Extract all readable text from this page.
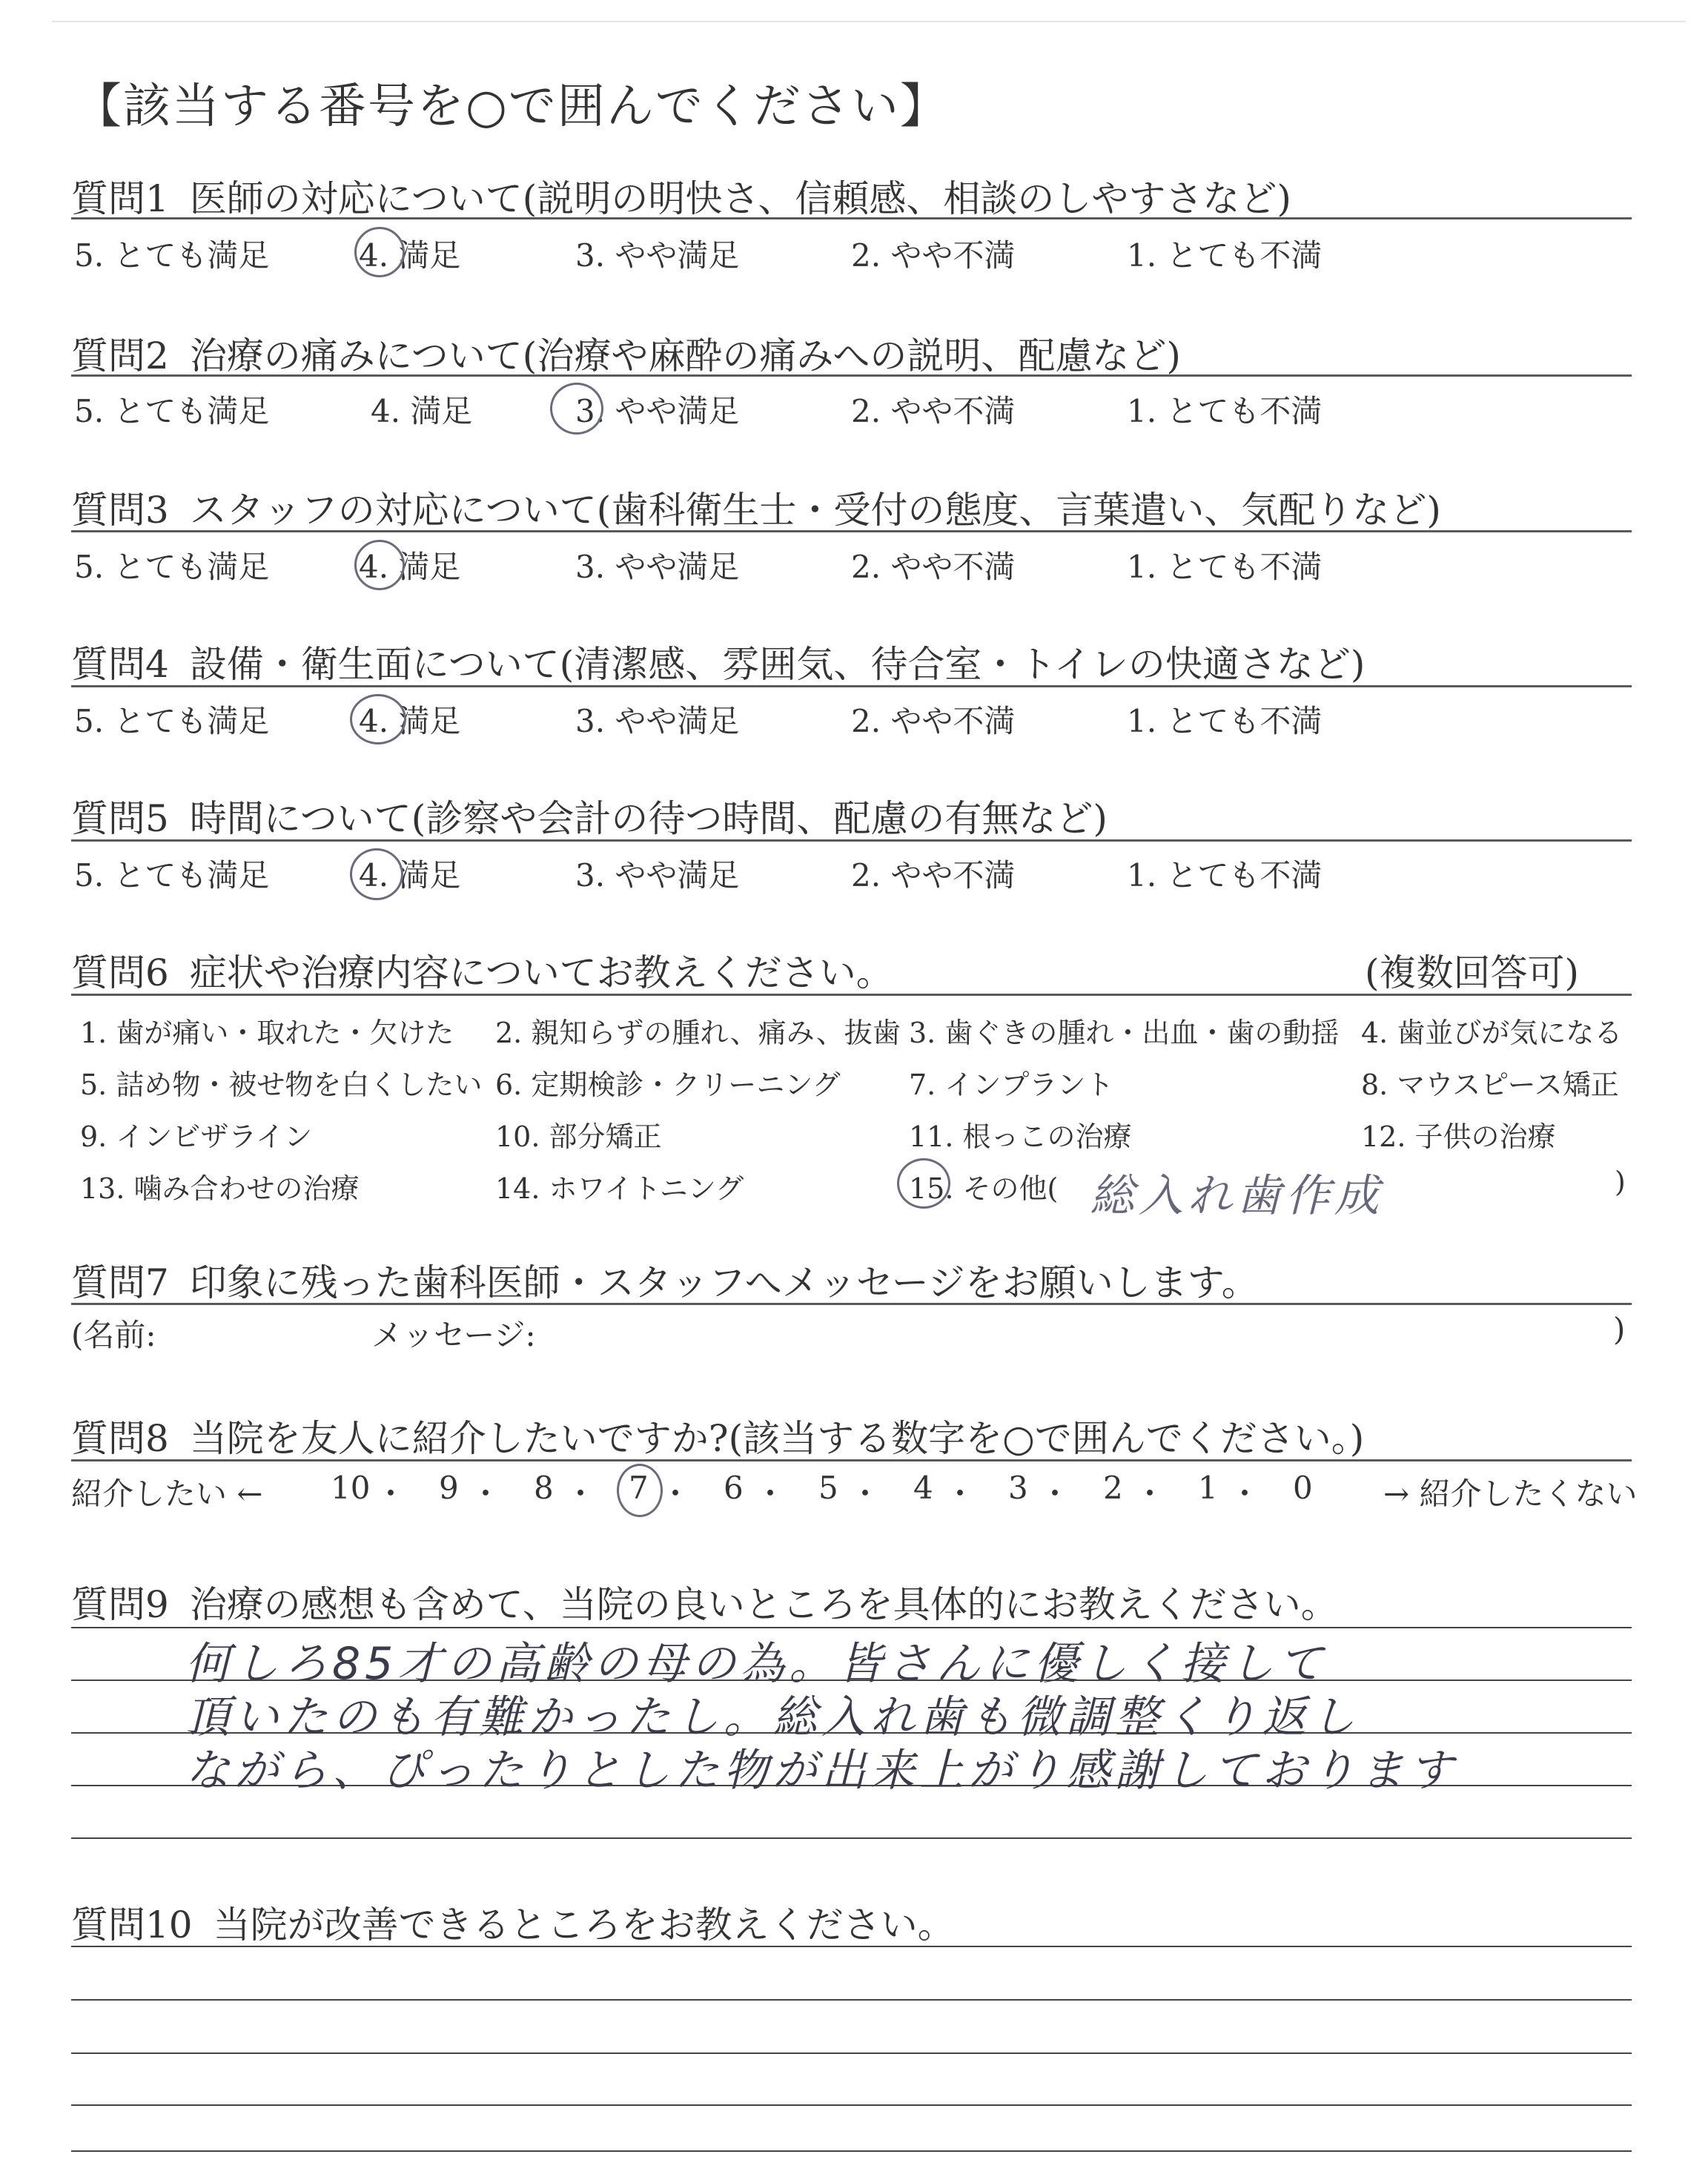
【該当する番号を○で囲んでください】
質問1 医師の対応について(説明の明快さ、信頼感、相談のしやすさなど)
5. とても満足	4. 満足	3. やや満足	2. やや不満	1. とても不満
質問2 治療の痛みについて(治療や麻酔の痛みへの説明、配慮など)
5. とても満足	4. 満足	3. やや満足	2. やや不満	1. とても不満
質問3 スタッフの対応について(歯科衛生士・受付の態度、言葉遣い、気配りなど)
5. とても満足	4. 満足	3. やや満足	2. やや不満	1. とても不満
質問4 設備・衛生面について(清潔感、雰囲気、待合室・トイレの快適さなど)
5. とても満足	4. 満足	3. やや満足	2. やや不満	1. とても不満
質問5 時間について(診察や会計の待つ時間、配慮の有無など)
5. とても満足	4. 満足	3. やや満足	2. やや不満	1. とても不満
質問6 症状や治療内容についてお教えください。	(複数回答可)
1. 歯が痛い・取れた・欠けた 2. 親知らずの腫れ、痛み、抜歯 3. 歯ぐきの腫れ・出血・歯の動揺 4. 歯並びが気になる
5. 詰め物・被せ物を白くしたい 6. 定期検診・クリーニング 7. インプラント	8. マウスピース矯正
9. インビザライン	10. 部分矯正	11. 根っこの治療	12. 子供の治療
13. 噛み合わせの治療	14. ホワイトニング	15. その他(	)
総入れ歯作成
質問7 印象に残った歯科医師・スタッフへメッセージをお願いします。
(名前:	メッセージ:	)
質問8 当院を友人に紹介したいですか?(該当する数字を○で囲んでください。)
紹介したい ← 10 ・ 9 ・ 8 ・ 7 ・ 6 ・ 5 ・ 4 ・ 3 ・ 2 ・ 1 ・ 0 → 紹介したくない
質問9 治療の感想も含めて、当院の良いところを具体的にお教えください。
何しろ85才の高齢の母の為。皆さんに優しく接して
頂いたのも有難かったし。総入れ歯も微調整くり返し
ながら、ぴったりとした物が出来上がり感謝しております
質問10 当院が改善できるところをお教えください。
